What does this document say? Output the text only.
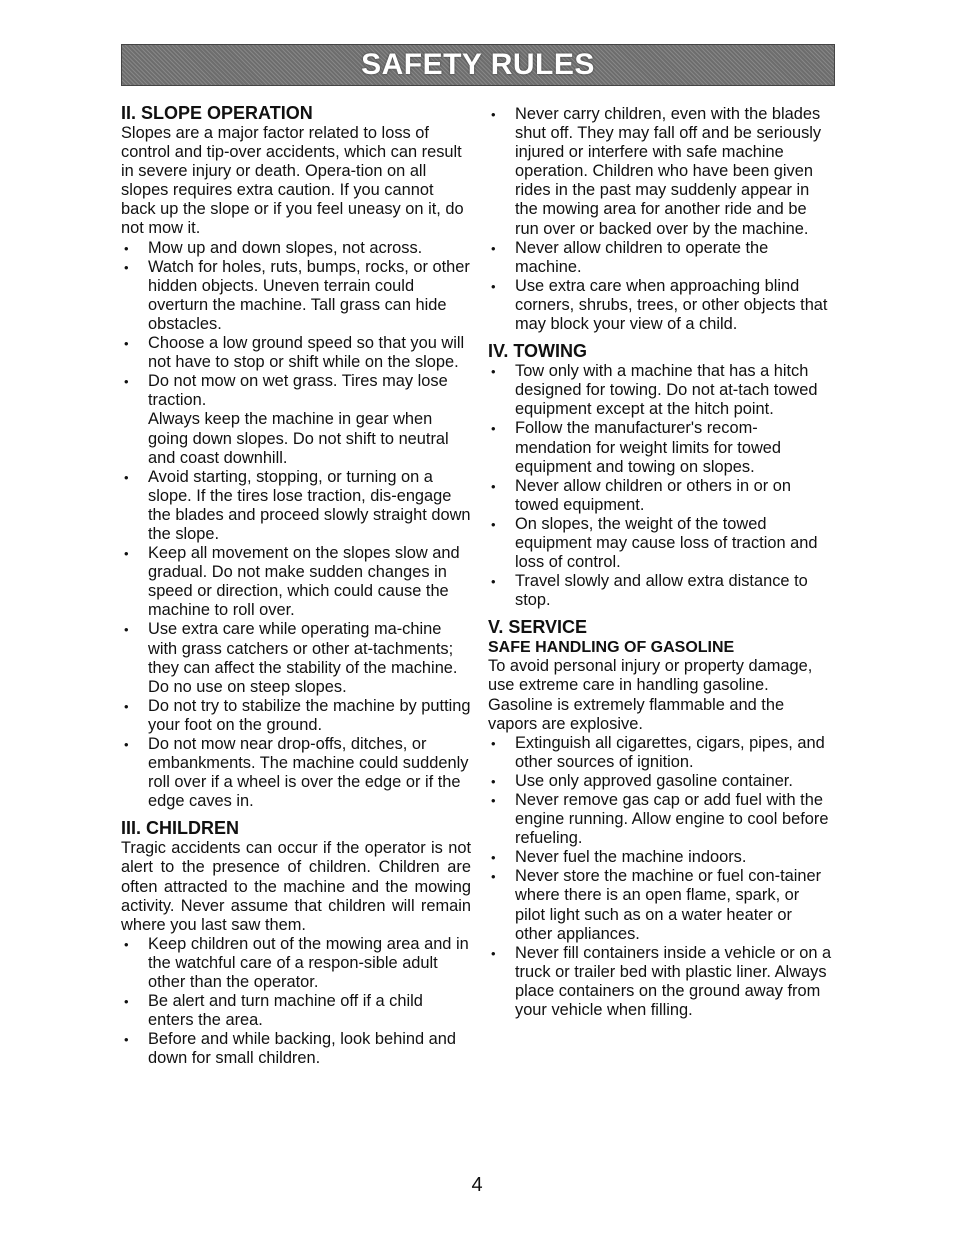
SAFETY RULES
II. SLOPE OPERATION

Slopes are a major factor related to loss of control and tip-over accidents, which can result in severe injury or death. Opera-tion on all slopes requires extra caution. If you cannot back up the slope or if you feel uneasy on it, do not mow it.

• Mow up and down slopes, not across.
• Watch for holes, ruts, bumps, rocks, or other hidden objects. Uneven terrain could overturn the machine. Tall grass can hide obstacles.
• Choose a low ground speed so that you will not have to stop or shift while on the slope.
• Do not mow on wet grass. Tires may lose traction.
Always keep the machine in gear when going down slopes. Do not shift to neutral and coast downhill.
• Avoid starting, stopping, or turning on a slope. If the tires lose traction, dis-engage the blades and proceed slowly straight down the slope.
• Keep all movement on the slopes slow and gradual. Do not make sudden changes in speed or direction, which could cause the machine to roll over.
• Use extra care while operating ma-chine with grass catchers or other at-tachments; they can affect the stability of the machine. Do no use on steep slopes.
• Do not try to stabilize the machine by putting your foot on the ground.
• Do not mow near drop-offs, ditches, or embankments. The machine could suddenly roll over if a wheel is over the edge or if the edge caves in.
III. CHILDREN

Tragic accidents can occur if the operator is not alert to the presence of children. Children are often attracted to the machine and the mowing activity. Never assume that children will remain where you last saw them.

• Keep children out of the mowing area and in the watchful care of a respon-sible adult other than the operator.
• Be alert and turn machine off if a child enters the area.
• Before and while backing, look behind and down for small children.
• Never carry children, even with the blades shut off. They may fall off and be seriously injured or interfere with safe machine operation. Children who have been given rides in the past may suddenly appear in the mowing area for another ride and be run over or backed over by the machine.
• Never allow children to operate the machine.
• Use extra care when approaching blind corners, shrubs, trees, or other objects that may block your view of a child.
IV. TOWING
• Tow only with a machine that has a hitch designed for towing. Do not at-tach towed equipment except at the hitch point.
• Follow the manufacturer's recom-mendation for weight limits for towed equipment and towing on slopes.
• Never allow children or others in or on towed equipment.
• On slopes, the weight of the towed equipment may cause loss of traction and loss of control.
• Travel slowly and allow extra distance to stop.
V. SERVICE
SAFE HANDLING OF GASOLINE

To avoid personal injury or property damage, use extreme care in handling gasoline. Gasoline is extremely flammable and the vapors are explosive.

• Extinguish all cigarettes, cigars, pipes, and other sources of ignition.
• Use only approved gasoline container.
• Never remove gas cap or add fuel with the engine running. Allow engine to cool before refueling.
• Never fuel the machine indoors.
• Never store the machine or fuel con-tainer where there is an open flame, spark, or pilot light such as on a water heater or other appliances.
• Never fill containers inside a vehicle or on a truck or trailer bed with plastic liner. Always place containers on the ground away from your vehicle when filling.
4
